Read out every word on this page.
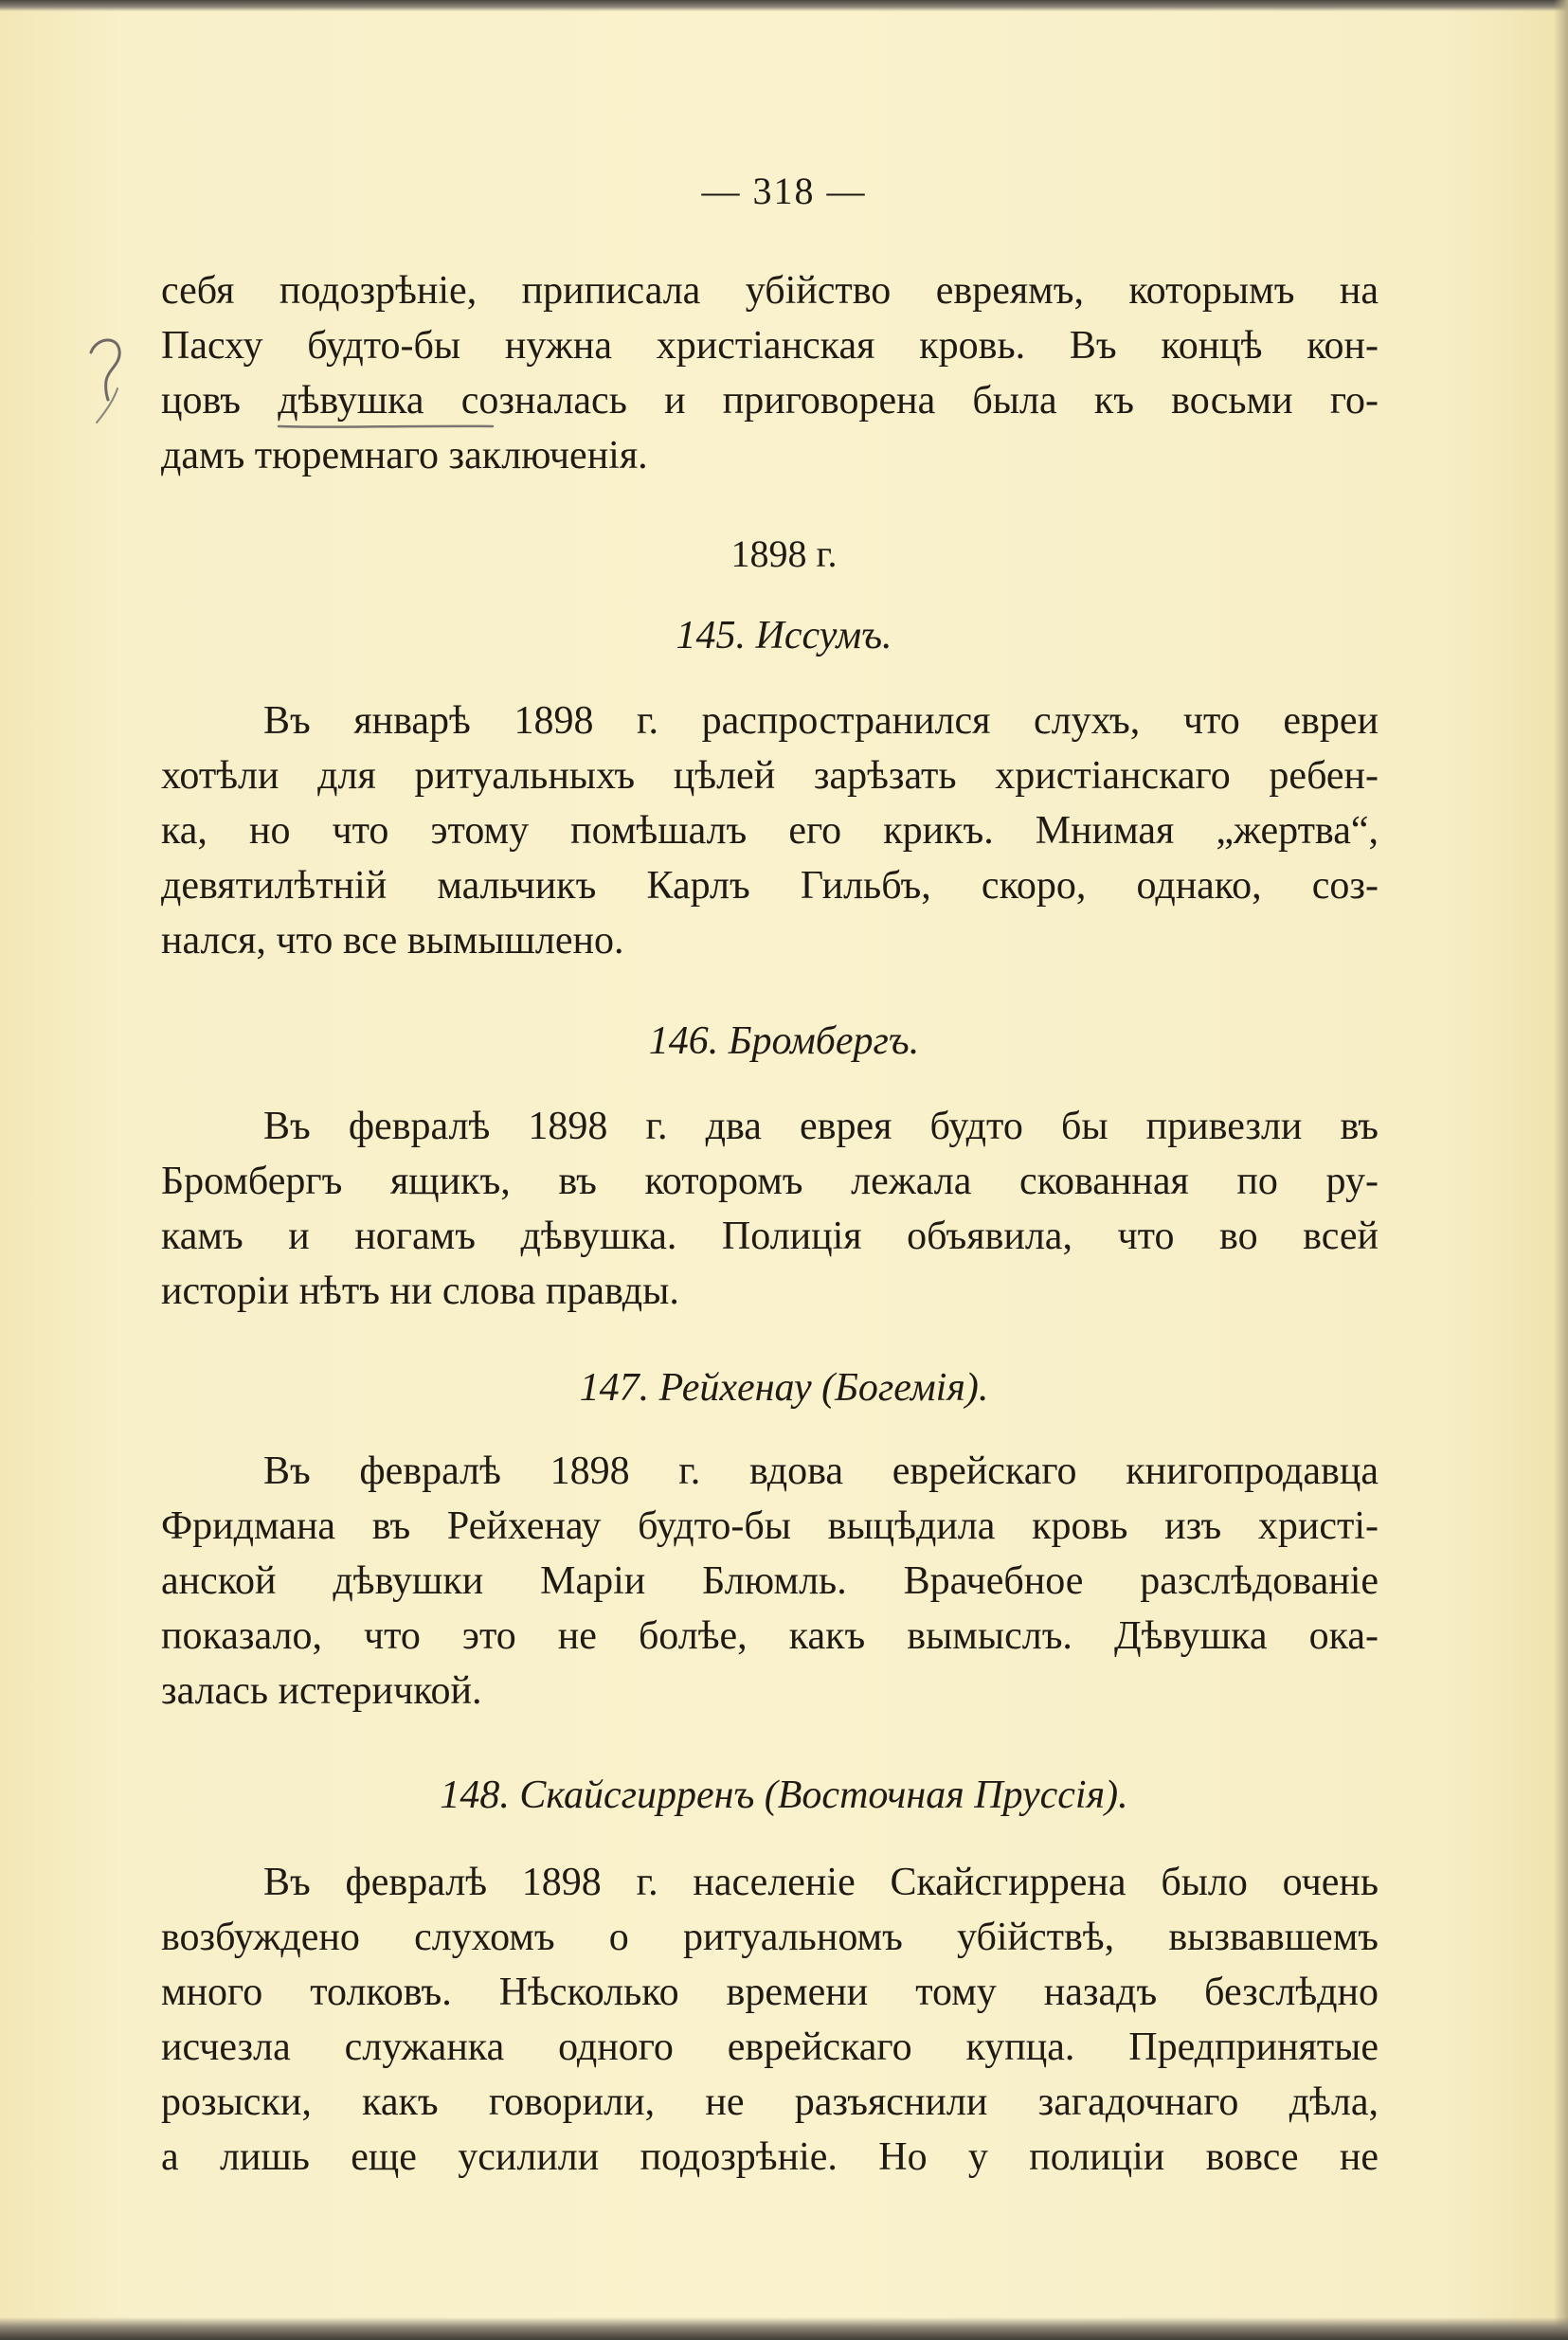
— 318 —
себя подозрѣніе, приписала убійство евреямъ, которымъ на
Пасху будто-бы нужна христіанская кровь. Въ концѣ кон-
цовъ дѣвушка созналась и приговорена была къ восьми го-
дамъ тюремнаго заключенія.
1898 г.
145. Иссумъ.
Въ январѣ 1898 г. распространился слухъ, что евреи
хотѣли для ритуальныхъ цѣлей зарѣзать христіанскаго ребен-
ка, но что этому помѣшалъ его крикъ. Мнимая „жертва“,
девятилѣтній мальчикъ Карлъ Гильбъ, скоро, однако, соз-
нался, что все вымышлено.
146. Бромбергъ.
Въ февралѣ 1898 г. два еврея будто бы привезли въ
Бромбергъ ящикъ, въ которомъ лежала скованная по ру-
камъ и ногамъ дѣвушка. Полиція объявила, что во всей
исторіи нѣтъ ни слова правды.
147. Рейхенау (Богемія).
Въ февралѣ 1898 г. вдова еврейскаго книгопродавца
Фридмана въ Рейхенау будто-бы выцѣдила кровь изъ христі-
анской дѣвушки Маріи Блюмль. Врачебное разслѣдованіе
показало, что это не болѣе, какъ вымыслъ. Дѣвушка ока-
залась истеричкой.
148. Скайсгирренъ (Восточная Пруссія).
Въ февралѣ 1898 г. населеніе Скайсгиррена было очень
возбуждено слухомъ о ритуальномъ убійствѣ, вызвавшемъ
много толковъ. Нѣсколько времени тому назадъ безслѣдно
исчезла служанка одного еврейскаго купца. Предпринятые
розыски, какъ говорили, не разъяснили загадочнаго дѣла,
а лишь еще усилили подозрѣніе. Но у полиціи вовсе не
